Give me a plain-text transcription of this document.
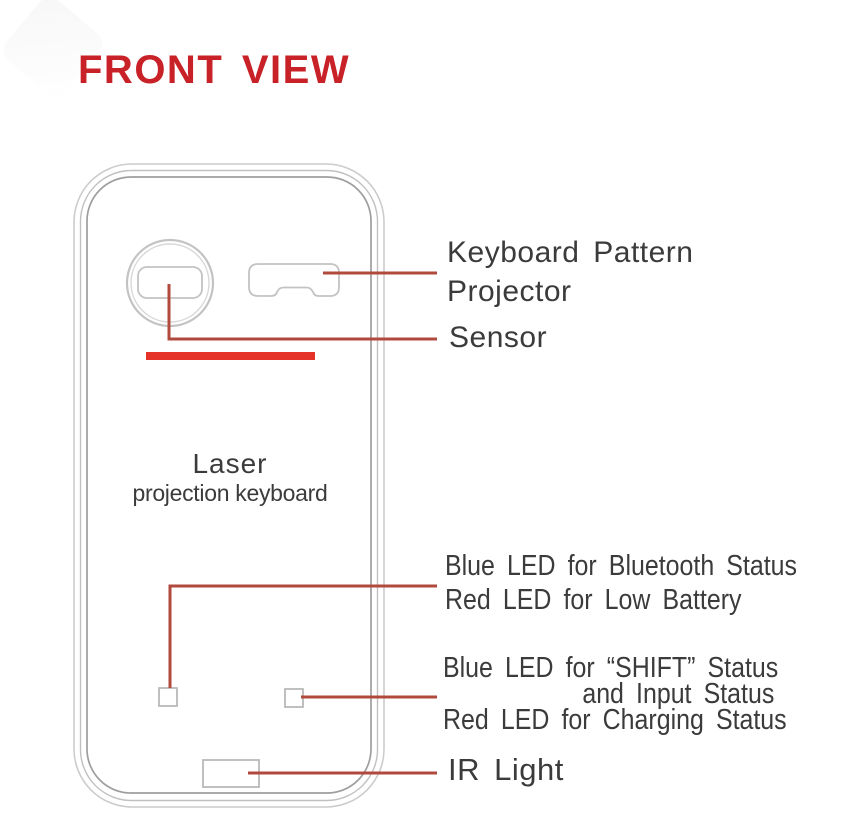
FRONT VIEW
Laser
projection keyboard
Keyboard Pattern
Projector
Sensor
Blue LED for Bluetooth Status
Red LED for Low Battery
Blue LED for “SHIFT” Status
and Input Status
Red LED for Charging Status
IR Light
